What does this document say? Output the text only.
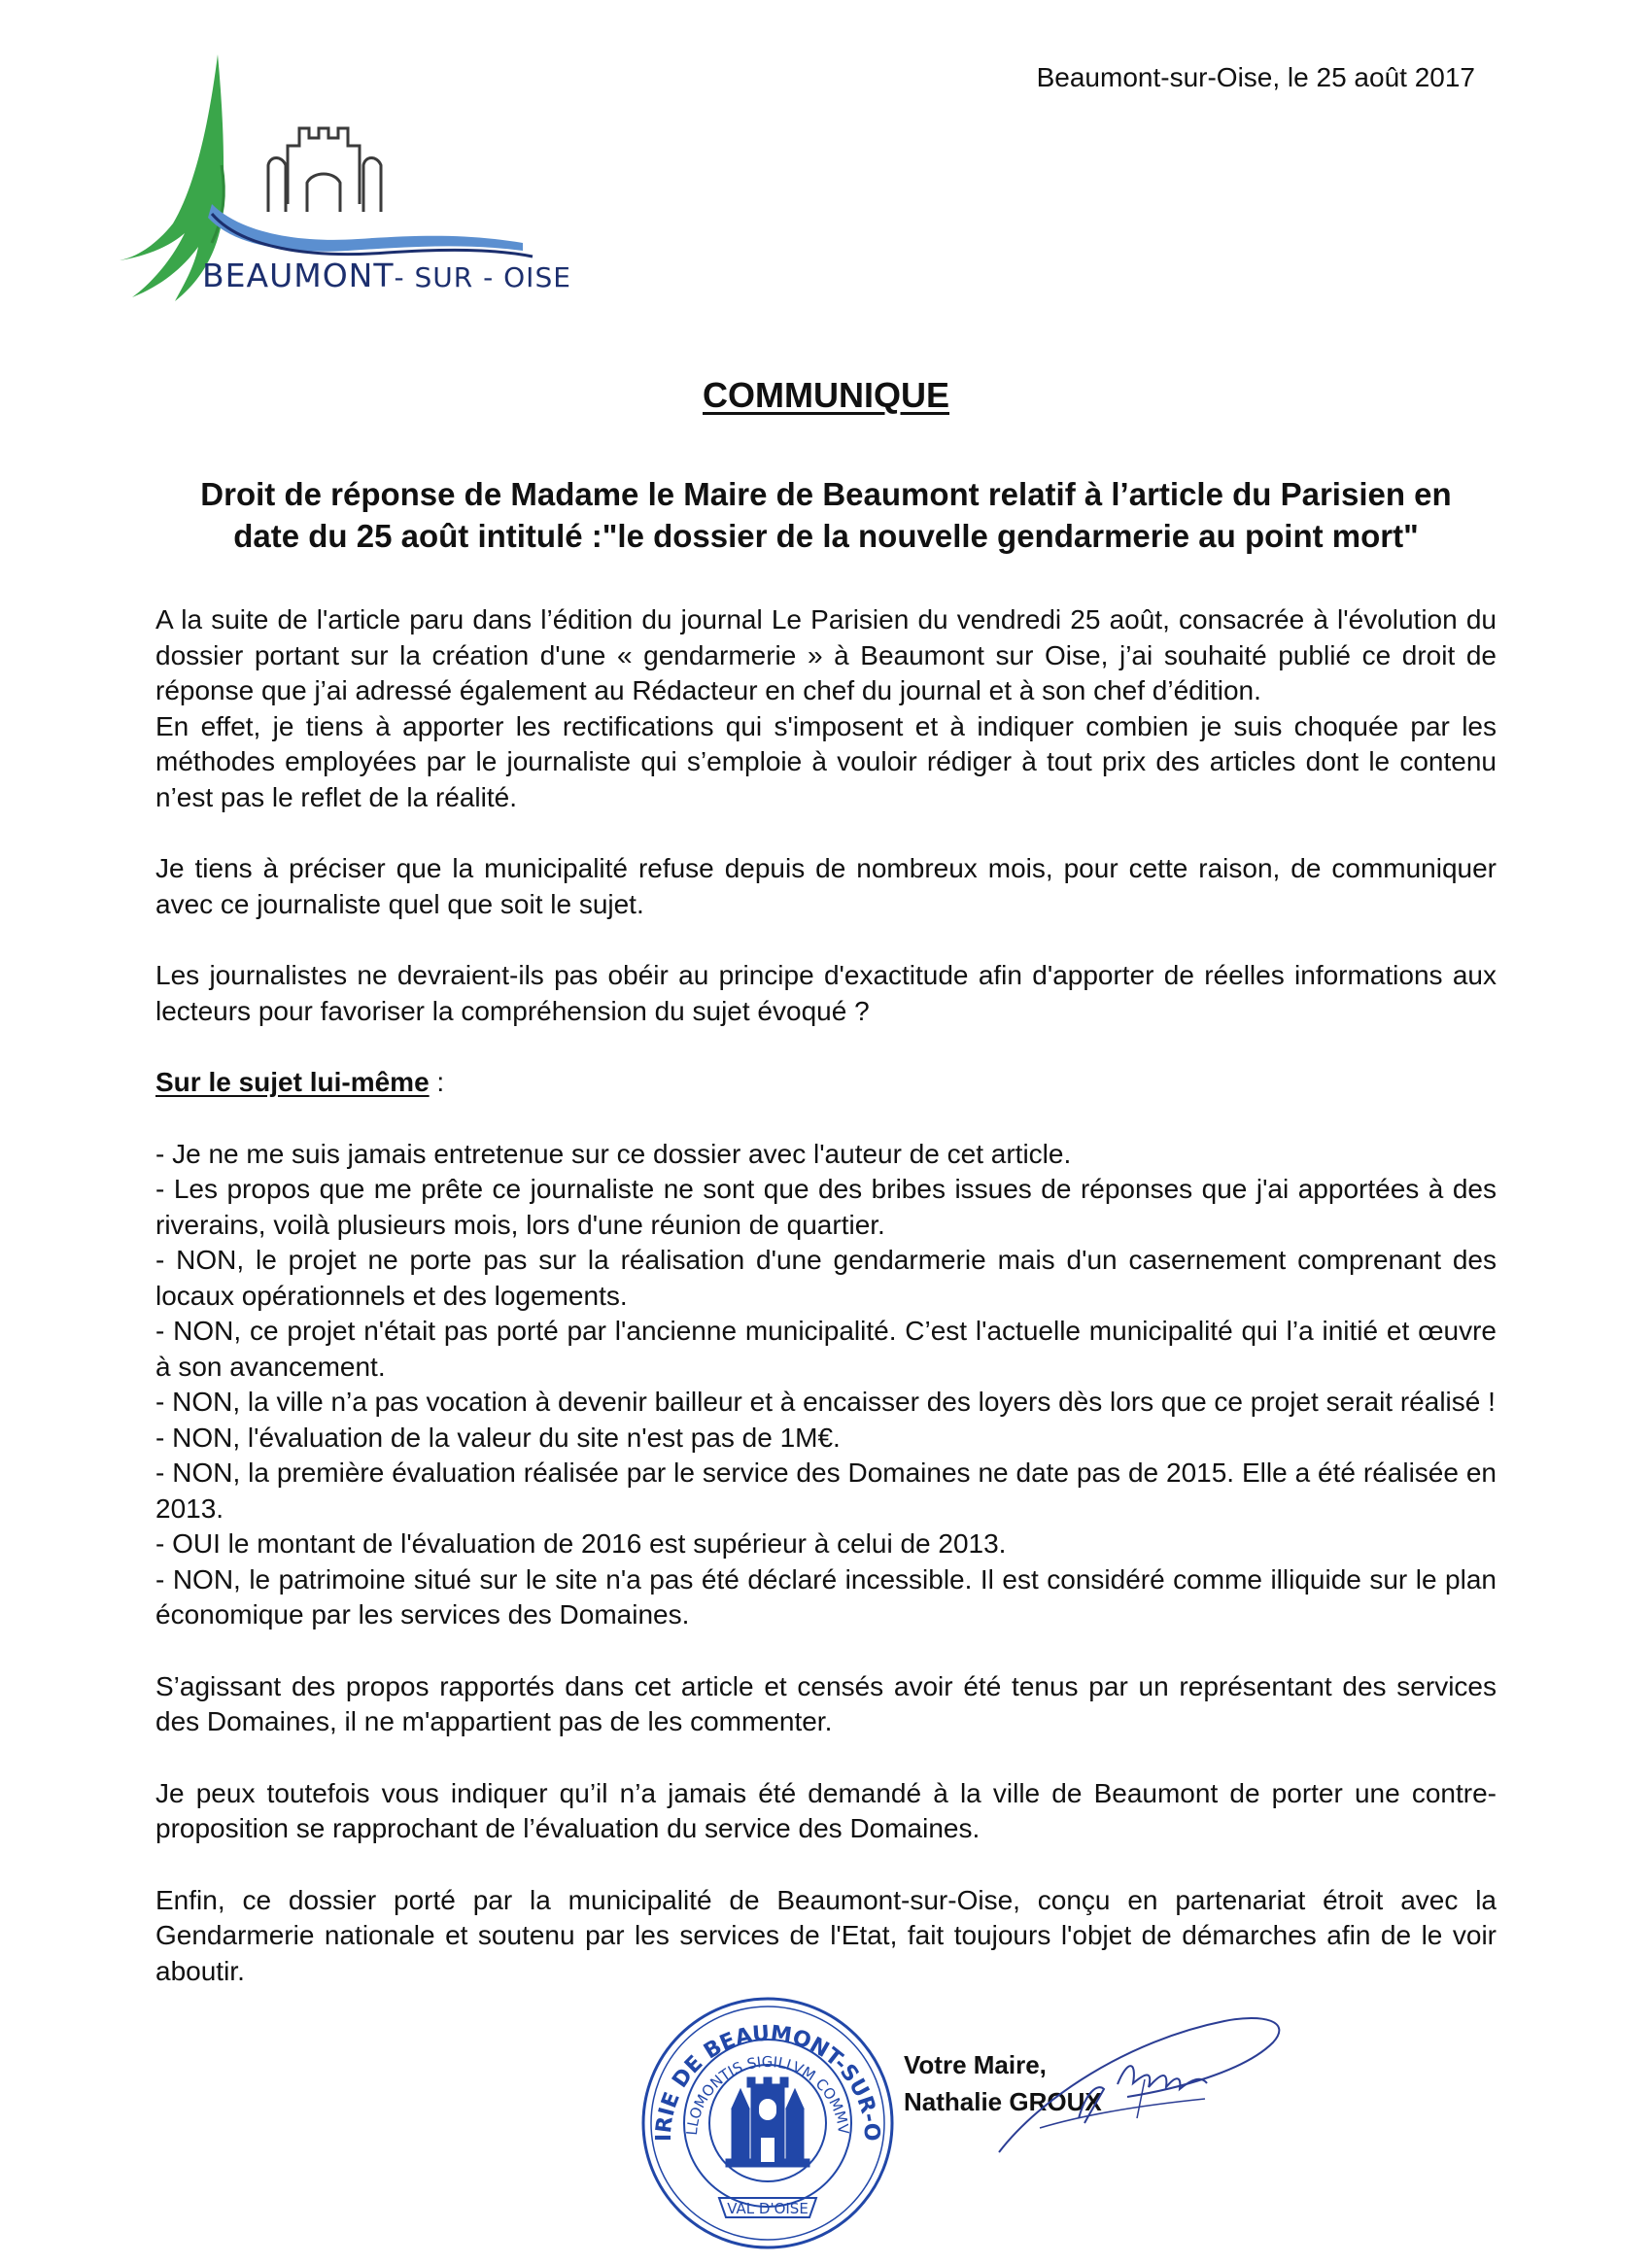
BEAUMONT- SUR - OISE
Beaumont-sur-Oise, le 25 août 2017
COMMUNIQUE
Droit de réponse de Madame le Maire de Beaumont relatif à l’article du Parisien en
date du 25 août intitulé :"le dossier de la nouvelle gendarmerie au point mort"

A la suite de l'article paru dans l’édition du journal Le Parisien du vendredi 25 août, consacrée à l'évolution du dossier portant sur la création d'une « gendarmerie » à Beaumont sur Oise, j’ai souhaité publié ce droit de réponse que j’ai adressé également au Rédacteur en chef du journal et à son chef d’édition.

En effet, je tiens à apporter les rectifications qui s'imposent et à indiquer combien je suis choquée par les méthodes employées par le journaliste qui s’emploie à vouloir rédiger à tout prix des articles dont le contenu n’est pas le reflet de la réalité.

Je tiens à préciser que la municipalité refuse depuis de nombreux mois, pour cette raison, de communiquer avec ce journaliste quel que soit le sujet.

Les journalistes ne devraient-ils pas obéir au principe d'exactitude afin d'apporter de réelles informations aux lecteurs pour favoriser la compréhension du sujet évoqué ?

Sur le sujet lui-même :

- Je ne me suis jamais entretenue sur ce dossier avec l'auteur de cet article.

- Les propos que me prête ce journaliste ne sont que des bribes issues de réponses que j'ai apportées à des riverains, voilà plusieurs mois, lors d'une réunion de quartier.

- NON, le projet ne porte pas sur la réalisation d'une gendarmerie mais d'un casernement comprenant des locaux opérationnels et des logements.

- NON, ce projet n'était pas porté par l'ancienne municipalité. C’est l'actuelle municipalité qui l’a initié et œuvre à son avancement.

- NON, la ville n’a pas vocation à devenir bailleur et à encaisser des loyers dès lors que ce projet serait réalisé !

- NON, l'évaluation de la valeur du site n'est pas de 1M€.

- NON, la première évaluation réalisée par le service des Domaines ne date pas de 2015. Elle a été réalisée en 2013.

- OUI le montant de l'évaluation de 2016 est supérieur à celui de 2013.

- NON, le patrimoine situé sur le site n'a pas été déclaré incessible. Il est considéré comme illiquide sur le plan économique par les services des Domaines.

S’agissant des propos rapportés dans cet article et censés avoir été tenus par un représentant des services des Domaines, il ne m'appartient pas de les commenter.

Je peux toutefois vous indiquer qu’il n’a jamais été demandé à la ville de Beaumont de porter une contre-proposition se rapprochant de l’évaluation du service des Domaines.

Enfin, ce dossier porté par la municipalité de Beaumont-sur-Oise, conçu en partenariat étroit avec la Gendarmerie nationale et soutenu par les services de l'Etat, fait toujours l'objet de démarches afin de le voir aboutir.

IRIE DE BEAUMONT-SUR-O
LLOMONTIS SIGILLVM COMMV
VAL D'OISE
Votre Maire,
Nathalie GROUX
